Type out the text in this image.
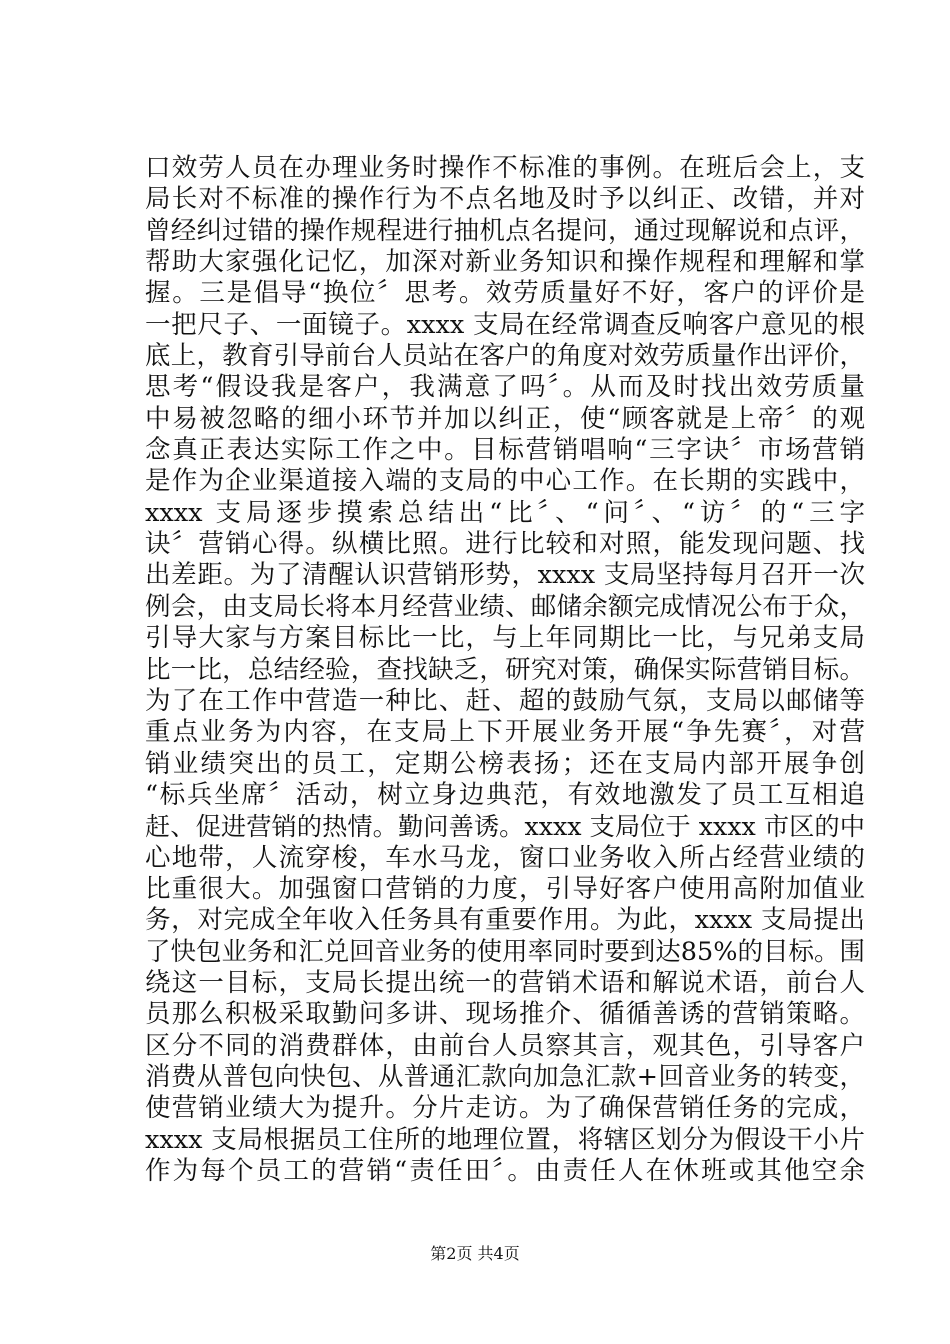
口效劳人员在办理业务时操作不标准的事例。在班后会上，支
局长对不标准的操作行为不点名地及时予以纠正、改错，并对
曾经纠过错的操作规程进行抽机点名提问，通过现解说和点评，
帮助大家强化记忆，加深对新业务知识和操作规程和理解和掌
握。三是倡导“换位〞思考。效劳质量好不好，客户的评价是
一把尺子、一面镜子。xxxx 支局在经常调查反响客户意见的根
底上，教育引导前台人员站在客户的角度对效劳质量作出评价，
思考“假设我是客户，我满意了吗〞。从而及时找出效劳质量
中易被忽略的细小环节并加以纠正，使“顾客就是上帝〞的观
念真正表达实际工作之中。目标营销唱响“三字诀〞市场营销
是作为企业渠道接入端的支局的中心工作。在长期的实践中，
xxxx 支局逐步摸索总结出“比〞、“问〞、“访〞的“三字
诀〞营销心得。纵横比照。进行比较和对照，能发现问题、找
出差距。为了清醒认识营销形势，xxxx 支局坚持每月召开一次
例会，由支局长将本月经营业绩、邮储余额完成情况公布于众，
引导大家与方案目标比一比，与上年同期比一比，与兄弟支局
比一比，总结经验，查找缺乏，研究对策，确保实际营销目标。
为了在工作中营造一种比、赶、超的鼓励气氛，支局以邮储等
重点业务为内容，在支局上下开展业务开展“争先赛〞，对营
销业绩突出的员工，定期公榜表扬；还在支局内部开展争创
“标兵坐席〞活动，树立身边典范，有效地激发了员工互相追
赶、促进营销的热情。勤问善诱。xxxx 支局位于 xxxx 市区的中
心地带，人流穿梭，车水马龙，窗口业务收入所占经营业绩的
比重很大。加强窗口营销的力度，引导好客户使用高附加值业
务，对完成全年收入任务具有重要作用。为此，xxxx 支局提出
了快包业务和汇兑回音业务的使用率同时要到达85%的目标。围
绕这一目标，支局长提出统一的营销术语和解说术语，前台人
员那么积极采取勤问多讲、现场推介、循循善诱的营销策略。
区分不同的消费群体，由前台人员察其言，观其色，引导客户
消费从普包向快包、从普通汇款向加急汇款+回音业务的转变，
使营销业绩大为提升。分片走访。为了确保营销任务的完成，
xxxx 支局根据员工住所的地理位置，将辖区划分为假设干小片
作为每个员工的营销“责任田〞。由责任人在休班或其他空余
第2页 共4页
